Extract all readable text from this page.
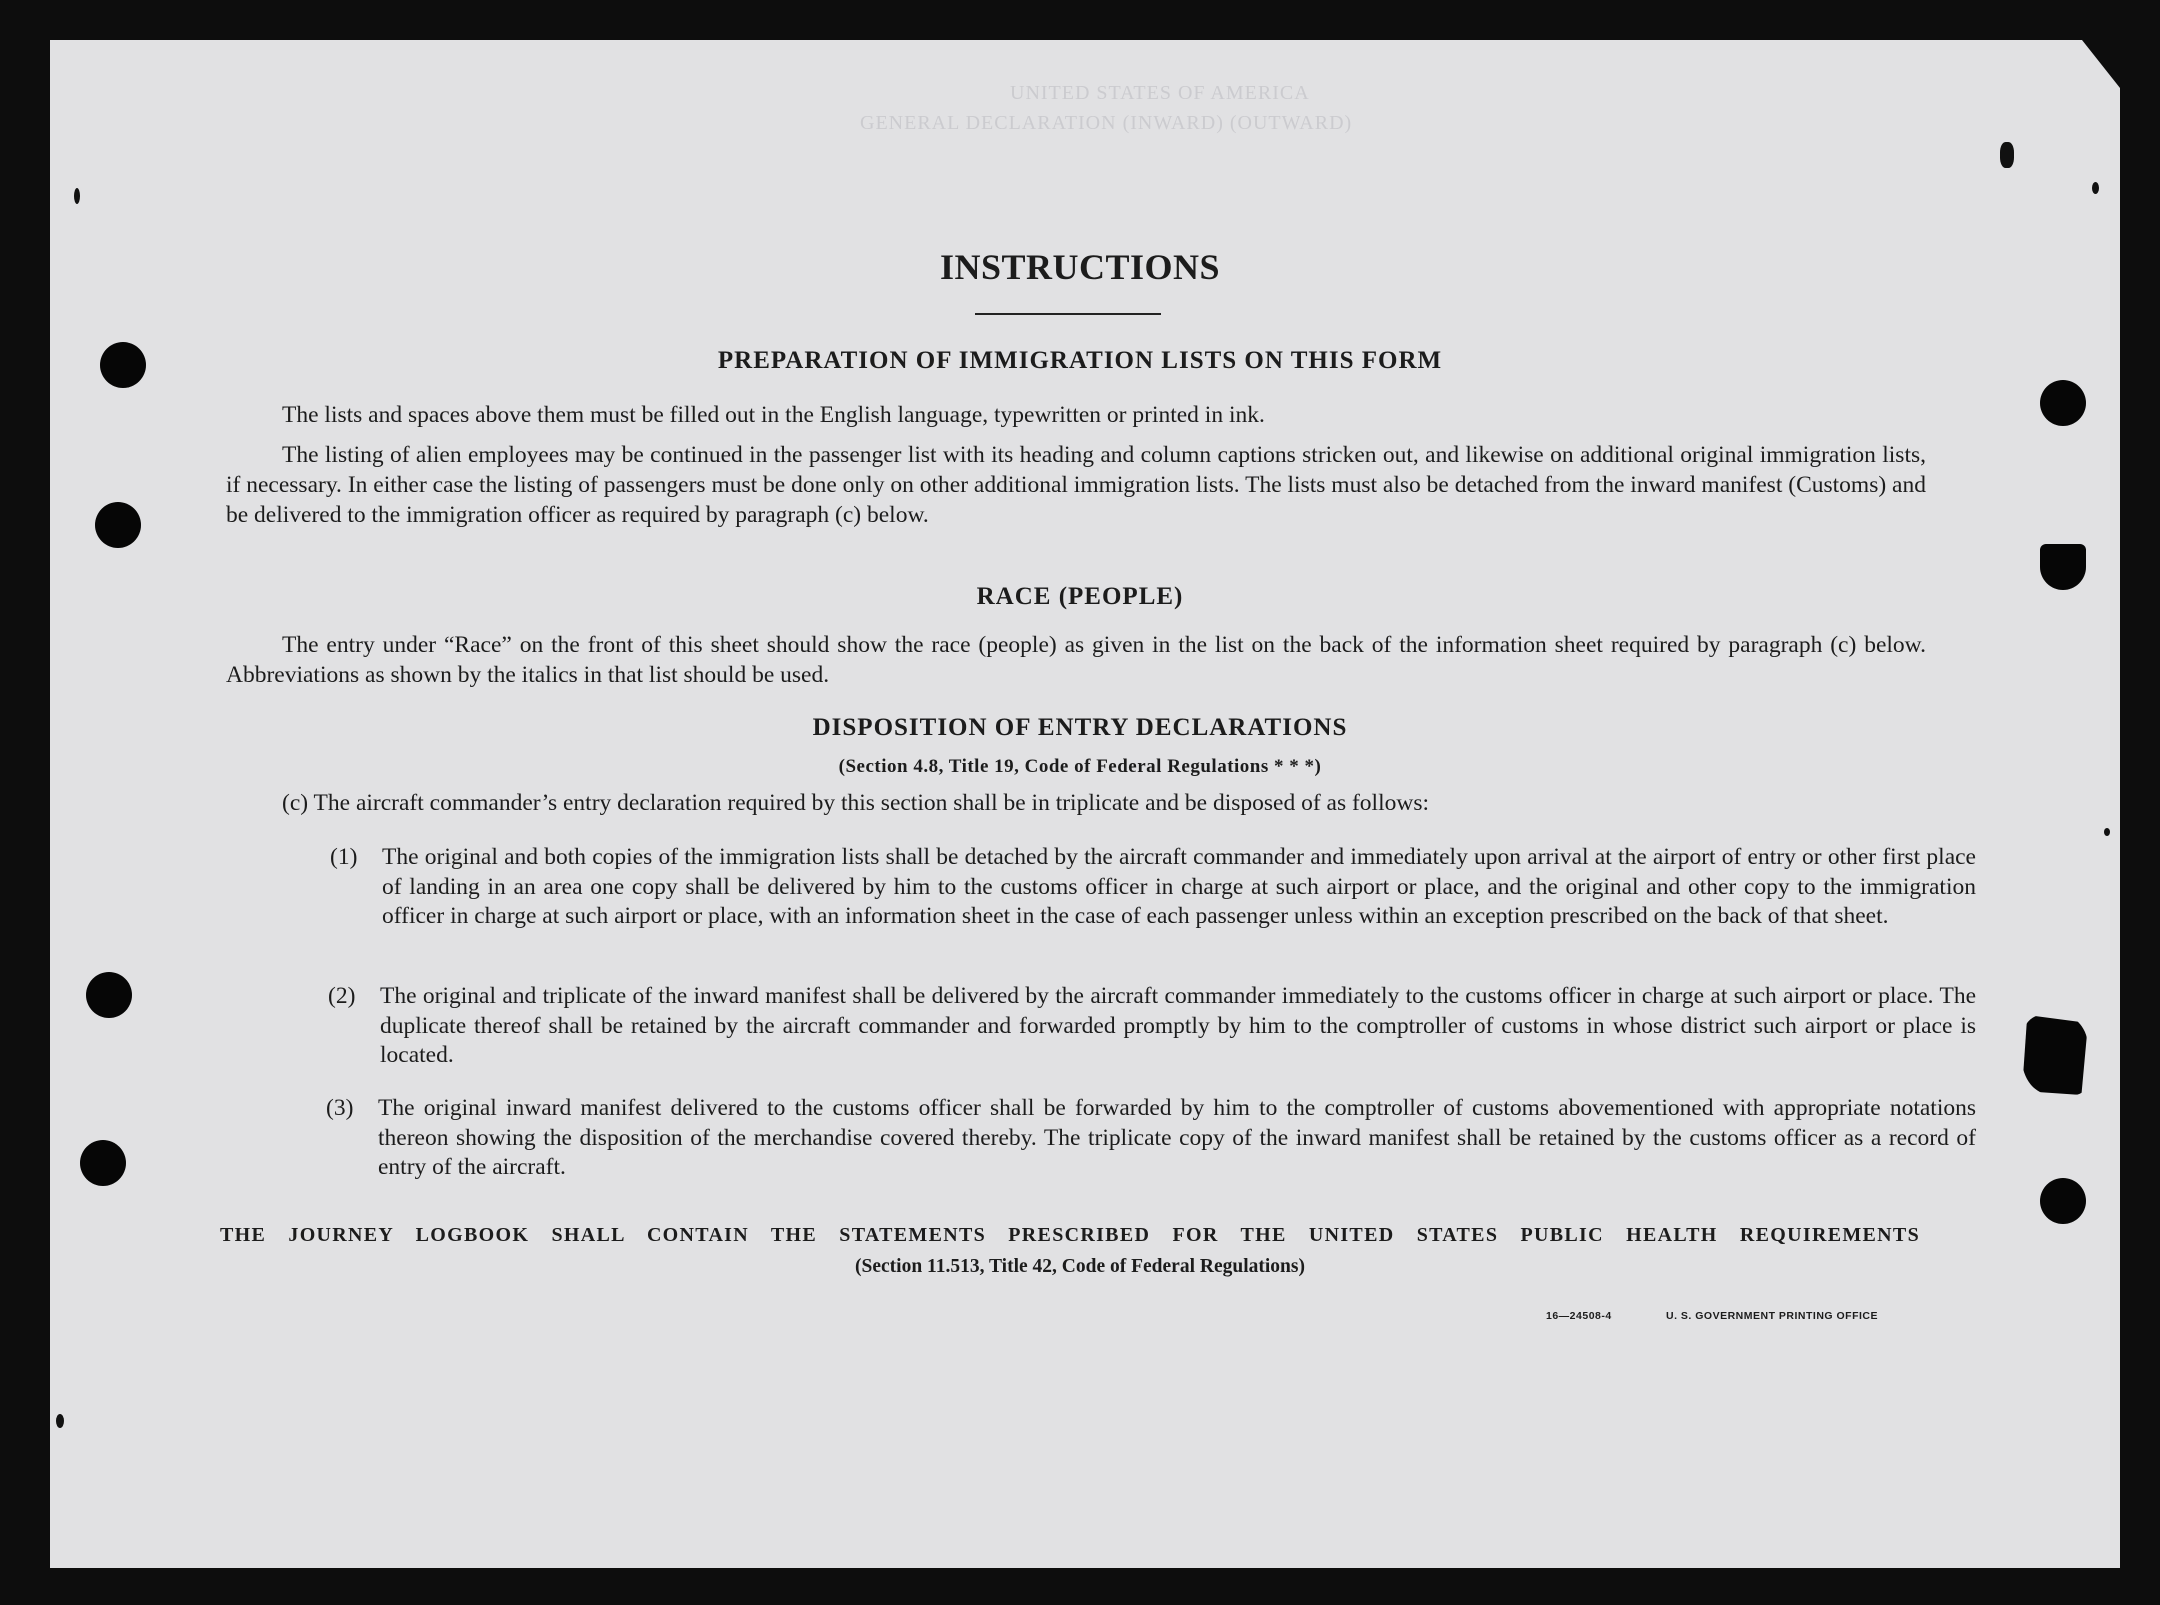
UNITED STATES OF AMERICA
GENERAL DECLARATION (INWARD) (OUTWARD)
INSTRUCTIONS
PREPARATION OF IMMIGRATION LISTS ON THIS FORM
The lists and spaces above them must be filled out in the English language, typewritten or printed in ink.
The listing of alien employees may be continued in the passenger list with its heading and column captions stricken out, and likewise on additional original immigration lists, if necessary. In either case the listing of passengers must be done only on other additional immigration lists. The lists must also be detached from the inward manifest (Customs) and be delivered to the immigration officer as required by paragraph (c) below.
RACE (PEOPLE)
The entry under “Race” on the front of this sheet should show the race (people) as given in the list on the back of the information sheet required by paragraph (c) below. Abbreviations as shown by the italics in that list should be used.
DISPOSITION OF ENTRY DECLARATIONS
(Section 4.8, Title 19, Code of Federal Regulations * * *)
(c) The aircraft commander’s entry declaration required by this section shall be in triplicate and be disposed of as follows:
(1) The original and both copies of the immigration lists shall be detached by the aircraft commander and immediately upon arrival at the airport of entry or other first place of landing in an area one copy shall be delivered by him to the customs officer in charge at such airport or place, and the original and other copy to the immigration officer in charge at such airport or place, with an information sheet in the case of each passenger unless within an exception prescribed on the back of that sheet.
(2) The original and triplicate of the inward manifest shall be delivered by the aircraft commander immediately to the customs officer in charge at such airport or place. The duplicate thereof shall be retained by the aircraft commander and forwarded promptly by him to the comptroller of customs in whose district such airport or place is located.
(3) The original inward manifest delivered to the customs officer shall be forwarded by him to the comptroller of customs abovementioned with appropriate notations thereon showing the disposition of the merchandise covered thereby. The triplicate copy of the inward manifest shall be retained by the customs officer as a record of entry of the aircraft.
THE JOURNEY LOGBOOK SHALL CONTAIN THE STATEMENTS PRESCRIBED FOR THE UNITED STATES PUBLIC HEALTH REQUIREMENTS
(Section 11.513, Title 42, Code of Federal Regulations)
16—24508-4	U. S. GOVERNMENT PRINTING OFFICE
